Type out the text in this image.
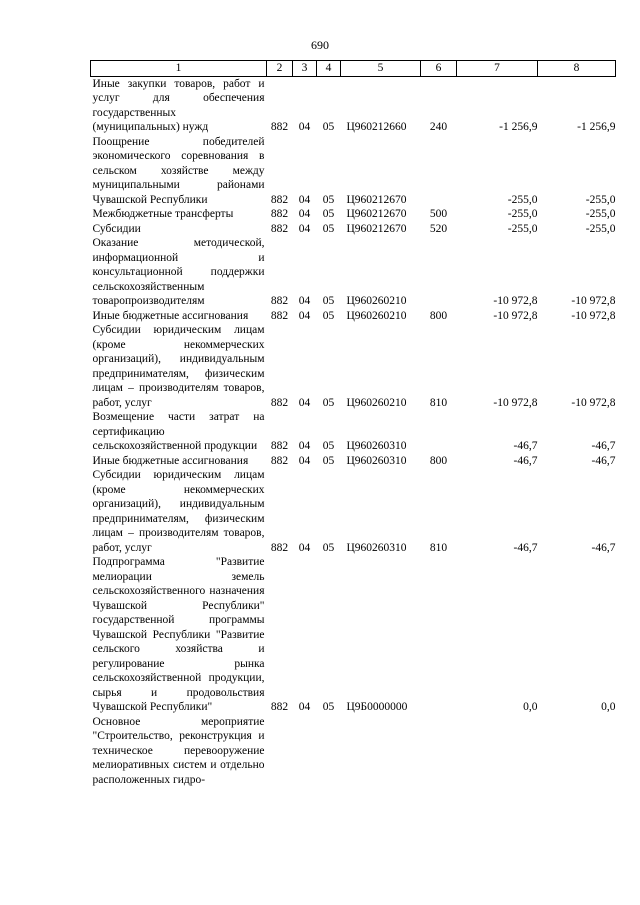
690
1	2	3	4	5	6	7	8
Иные закупки товаров, работ и услуг для обеспечения государственных (муниципальных) нужд	882	04	05	Ц960212660	240	-1 256,9	-1 256,9
Поощрение победителей экономического соревнования в сельском хозяйстве между муниципальными районами Чувашской Республики	882	04	05	Ц960212670		-255,0	-255,0
Межбюджетные трансферты	882	04	05	Ц960212670	500	-255,0	-255,0
Субсидии	882	04	05	Ц960212670	520	-255,0	-255,0
Оказание методической, информационной и консультационной поддержки сельскохозяйственным товаропроизводителям	882	04	05	Ц960260210		-10 972,8	-10 972,8
Иные бюджетные ассигнования	882	04	05	Ц960260210	800	-10 972,8	-10 972,8
Субсидии юридическим лицам (кроме некоммерческих организаций), индивидуальным предпринимателям, физическим лицам – производителям товаров, работ, услуг	882	04	05	Ц960260210	810	-10 972,8	-10 972,8
Возмещение части затрат на сертификацию сельскохозяйственной продукции	882	04	05	Ц960260310		-46,7	-46,7
Иные бюджетные ассигнования	882	04	05	Ц960260310	800	-46,7	-46,7
Субсидии юридическим лицам (кроме некоммерческих организаций), индивидуальным предпринимателям, физическим лицам – производителям товаров, работ, услуг	882	04	05	Ц960260310	810	-46,7	-46,7
Подпрограмма "Развитие мелиорации земель сельскохозяйственного назначения Чувашской Республики" государственной программы Чувашской Республики "Развитие сельского хозяйства и регулирование рынка сельскохозяйственной продукции, сырья и продовольствия Чувашской Республики"	882	04	05	Ц9Б0000000		0,0	0,0
Основное мероприятие "Строительство, реконструкция и техническое перевооружение мелиоративных систем и отдельно расположенных гидро-							
